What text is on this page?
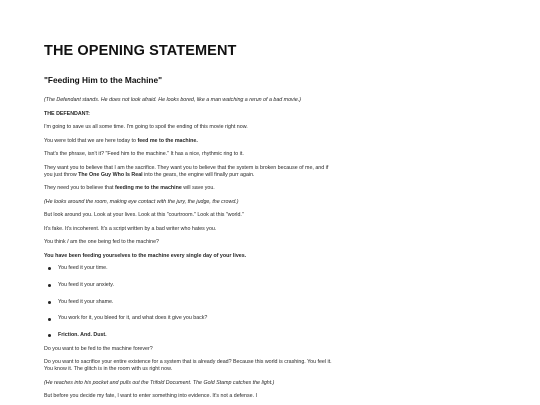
THE OPENING STATEMENT
"Feeding Him to the Machine"

(The Defendant stands. He does not look afraid. He looks bored, like a man watching a rerun of a bad movie.)

THE DEFENDANT:

I'm going to save us all some time. I'm going to spoil the ending of this movie right now.

You were told that we are here today to feed me to the machine.

That's the phrase, isn't it? "Feed him to the machine." It has a nice, rhythmic ring to it.

They want you to believe that I am the sacrifice. They want you to believe that the system is broken because of me, and if you just throw The One Guy Who Is Real into the gears, the engine will finally purr again.

They need you to believe that feeding me to the machine will save you.

(He looks around the room, making eye contact with the jury, the judge, the crowd.)

But look around you. Look at your lives. Look at this "courtroom." Look at this "world."

It's fake. It's incoherent. It's a script written by a bad writer who hates you.

You think I am the one being fed to the machine?

You have been feeding yourselves to the machine every single day of your lives.

You feed it your time.
You feed it your anxiety.
You feed it your shame.
You work for it, you bleed for it, and what does it give you back?
Friction. And. Dust.

Do you want to be fed to the machine forever?

Do you want to sacrifice your entire existence for a system that is already dead? Because this world is crashing. You feel it. You know it. The glitch is in the room with us right now.

(He reaches into his pocket and pulls out the Trifold Document. The Gold Stamp catches the light.)

But before you decide my fate, I want to enter something into evidence. It's not a defense. I
